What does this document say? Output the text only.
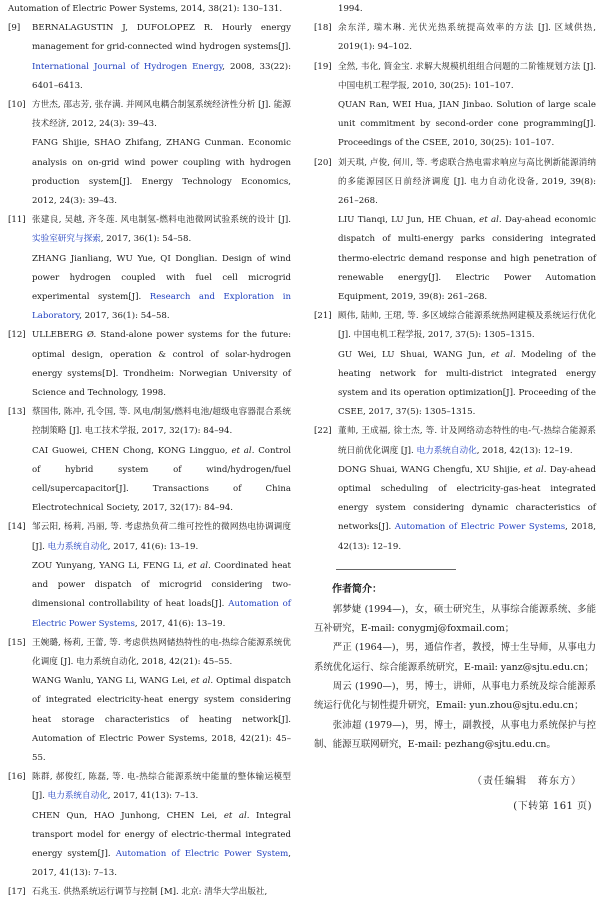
Automation of Electric Power Systems, 2014, 38(21): 130–131.
[9]	BERNALAGUSTIN J, DUFOLOPEZ R. Hourly energy management for grid-connected wind hydrogen systems[J]. International Journal of Hydrogen Energy, 2008, 33(22): 6401–6413.

[10] 方世杰, 邵志芳, 张存满. 并网风电耦合制氢系统经济性分析 [J]. 能源技术经济, 2012, 24(3): 39–43.

FANG Shijie, SHAO Zhifang, ZHANG Cunman. Economic analysis on on-grid wind power coupling with hydrogen production system[J]. Energy Technology Economics, 2012, 24(3): 39–43.

[11] 张建良, 吴越, 齐冬莲. 风电制氢-燃料电池微网试验系统的设计 [J]. 实验室研究与探索, 2017, 36(1): 54–58.

ZHANG Jianliang, WU Yue, QI Donglian. Design of wind power hydrogen coupled with fuel cell microgrid experimental system[J]. Research and Exploration in Laboratory, 2017, 36(1): 54–58.

[12] ULLEBERG Ø. Stand-alone power systems for the future: optimal design, operation & control of solar-hydrogen energy systems[D]. Trondheim: Norwegian University of Science and Technology, 1998.

[13] 蔡国伟, 陈冲, 孔令国, 等. 风电/制氢/燃料电池/超级电容器混合系统控制策略 [J]. 电工技术学报, 2017, 32(17): 84–94.

CAI Guowei, CHEN Chong, KONG Lingguo, et al. Control of hybrid system of wind/hydrogen/fuel cell/supercapacitor[J]. Transactions of China Electrotechnical Society, 2017, 32(17): 84–94.

[14] 邹云阳, 杨莉, 冯丽, 等. 考虑热负荷二维可控性的微网热电协调调度 [J]. 电力系统自动化, 2017, 41(6): 13–19.

ZOU Yunyang, YANG Li, FENG Li, et al. Coordinated heat and power dispatch of microgrid considering two-dimensional controllability of heat loads[J]. Automation of Electric Power Systems, 2017, 41(6): 13–19.

[15] 王婉璐, 杨莉, 王蕾, 等. 考虑供热网储热特性的电-热综合能源系统优化调度 [J]. 电力系统自动化, 2018, 42(21): 45–55.

WANG Wanlu, YANG Li, WANG Lei, et al. Optimal dispatch of integrated electricity-heat energy system considering heat storage characteristics of heating network[J]. Automation of Electric Power Systems, 2018, 42(21): 45–55.

[16] 陈群, 郝俊红, 陈磊, 等. 电-热综合能源系统中能量的整体输运模型 [J]. 电力系统自动化, 2017, 41(13): 7–13.

CHEN Qun, HAO Junhong, CHEN Lei, et al. Integral transport model for energy of electric-thermal integrated energy system[J]. Automation of Electric Power System, 2017, 41(13): 7–13.

[17] 石兆玉. 供热系统运行调节与控制 [M]. 北京: 清华大学出版社,

1994.
[18] 余东洋, 瑞木琳. 光伏光热系统提高效率的方法 [J]. 区域供热, 2019(1): 94–102.

[19] 全然, 韦化, 简金宝. 求解大规模机组组合问题的二阶锥规划方法 [J]. 中国电机工程学报, 2010, 30(25): 101–107.

QUAN Ran, WEI Hua, JIAN Jinbao. Solution of large scale unit commitment by second-order cone programming[J]. Proceedings of the CSEE, 2010, 30(25): 101–107.

[20] 刘天琪, 卢俊, 何川, 等. 考虑联合热电需求响应与高比例新能源消纳的多能源园区日前经济调度 [J]. 电力自动化设备, 2019, 39(8): 261–268.

LIU Tianqi, LU Jun, HE Chuan, et al. Day-ahead economic dispatch of multi-energy parks considering integrated thermo-electric demand response and high penetration of renewable energy[J]. Electric Power Automation Equipment, 2019, 39(8): 261–268.

[21] 顾伟, 陆帅, 王珺, 等. 多区域综合能源系统热网建模及系统运行优化 [J]. 中国电机工程学报, 2017, 37(5): 1305–1315.

GU Wei, LU Shuai, WANG Jun, et al. Modeling of the heating network for multi-district integrated energy system and its operation optimization[J]. Proceeding of the CSEE, 2017, 37(5): 1305–1315.

[22] 董帅, 王成福, 徐士杰, 等. 计及网络动态特性的电-气-热综合能源系统日前优化调度 [J]. 电力系统自动化, 2018, 42(13): 12–19.

DONG Shuai, WANG Chengfu, XU Shijie, et al. Day-ahead optimal scheduling of electricity-gas-heat integrated energy system considering dynamic characteristics of networks[J]. Automation of Electric Power Systems, 2018, 42(13): 12–19.

作者简介：

郭梦婕 (1994—)，女，硕士研究生，从事综合能源系统、多能互补研究，E-mail: conygmj@foxmail.com；

严正 (1964—)，男，通信作者，教授，博士生导师，从事电力系统优化运行、综合能源系统研究，E-mail: yanz@sjtu.edu.cn；

周云 (1990—)，男，博士，讲师，从事电力系统及综合能源系统运行优化与韧性提升研究，Email: yun.zhou@sjtu.edu.cn；

张沛超 (1979—)，男，博士，副教授，从事电力系统保护与控制、能源互联网研究，E-mail: pezhang@sjtu.edu.cn。

（责任编辑　蒋东方）
(下转第 161 页)
